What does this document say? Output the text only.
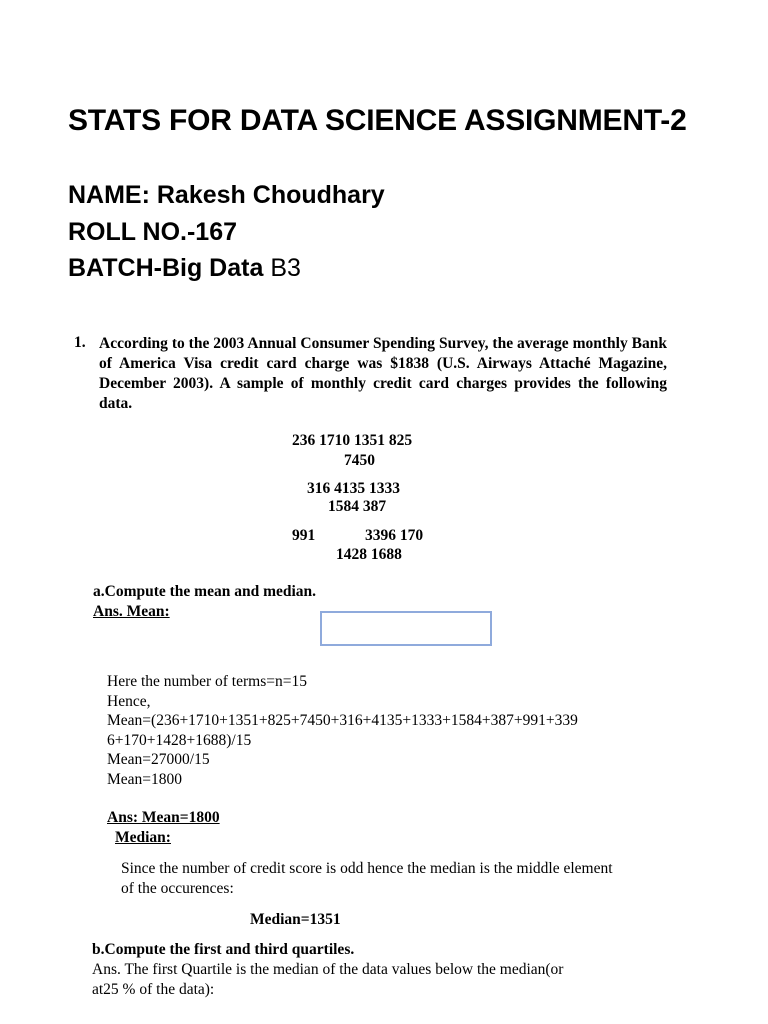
STATS FOR DATA SCIENCE ASSIGNMENT-2
NAME: Rakesh Choudhary
ROLL NO.-167
BATCH-Big Data B3
1. According to the 2003 Annual Consumer Spending Survey, the average monthly Bank of America Visa credit card charge was $1838 (U.S. Airways Attaché Magazine, December 2003). A sample of monthly credit card charges provides the following data.
236 1710 1351 825
7450
316 4135 1333
1584 387
991	3396 170
1428 1688
a.Compute the mean and median.
Ans. Mean:
Here the number of terms=n=15
Hence,
Mean=(236+1710+1351+825+7450+316+4135+1333+1584+387+991+339
6+170+1428+1688)/15
Mean=27000/15
Mean=1800
Ans: Mean=1800
Median:
Since the number of credit score is odd hence the median is the middle element
of the occurences:
Median=1351
b.Compute the first and third quartiles.
Ans. The first Quartile is the median of the data values below the median(or
at25 % of the data):
